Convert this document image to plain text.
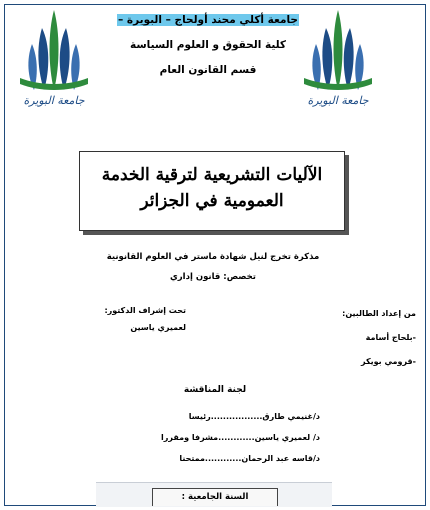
جامعة البويرة	جامعة البويرة
جامعة أكلي محند أولحاج – البويرة –
كلية الحقوق و العلوم السياسة
قسم القانون العام
الآليات التشريعية لترقية الخدمة
العمومية في الجزائر
مذكرة تخرج لنيل شهادة ماستر في العلوم القانونية
تخصص: قانون إداري
من إعداد الطالبين:
-بلحاج أسامة
-قرومي بويكر
تحت إشراف الدكتور:
لعميري ياسين
لجنة المناقشة
د/غنيمي طارق.................رئيسا
د/ لعميري ياسين............مشرفا ومقررا
د/قاسه عبد الرحمان............ممتحنا
السنة الجامعية :
